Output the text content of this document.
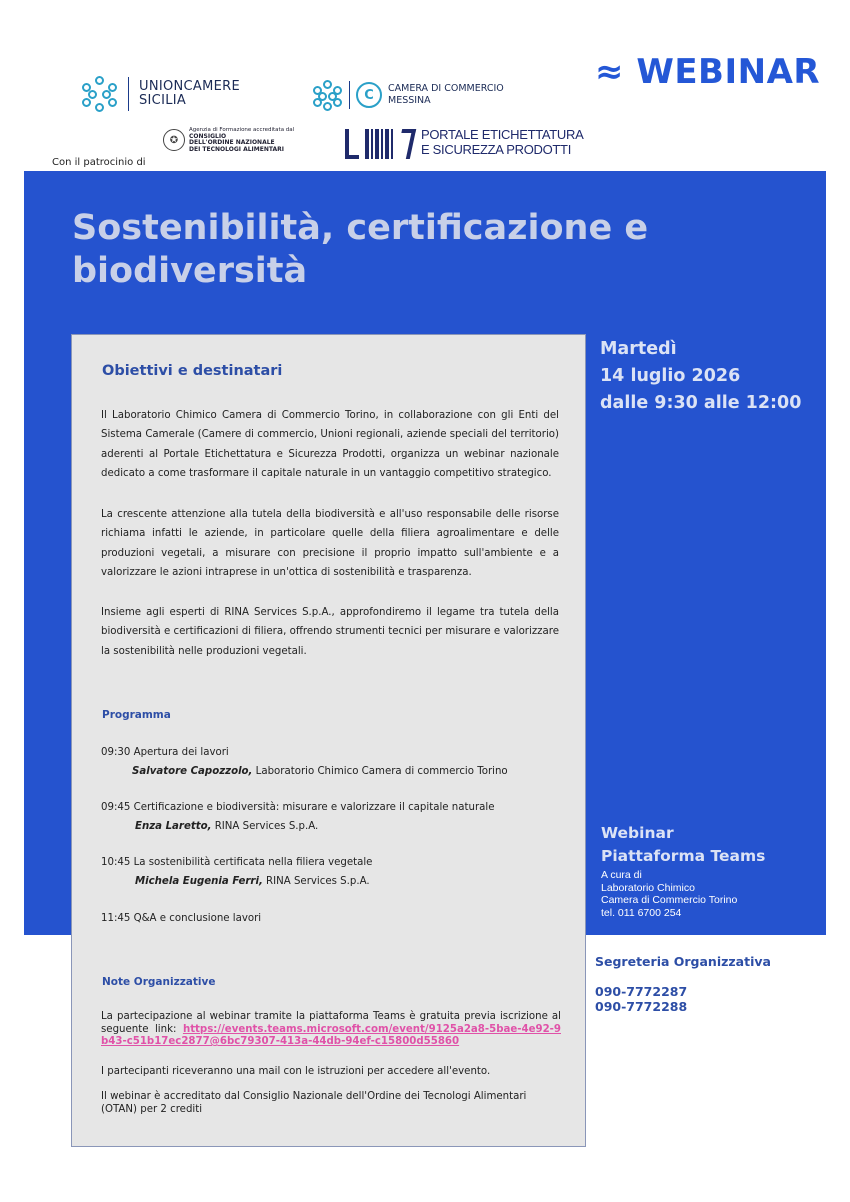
UNIONCAMERE
SICILIA	C	CAMERA DI COMMERCIO
MESSINA
≈ WEBINAR
Con il patrocinio di
✪
Agenzia di Formazione accreditata dal
CONSIGLIO
DELL'ORDINE NAZIONALE
DEI TECNOLOGI ALIMENTARI
PORTALE ETICHETTATURA
E SICUREZZA PRODOTTI
Sostenibilità, certificazione e biodiversità
Martedì
14 luglio 2026
dalle 9:30 alle 12:00
Webinar
Piattaforma Teams
A cura di
Laboratorio Chimico
Camera di Commercio Torino
tel. 011 6700 254
Obiettivi e destinatari

Il Laboratorio Chimico Camera di Commercio Torino, in collaborazione con gli Enti del Sistema Camerale (Camere di commercio, Unioni regionali, aziende speciali del territorio) aderenti al Portale Etichettatura e Sicurezza Prodotti, organizza un webinar nazionale dedicato a come trasformare il capitale naturale in un vantaggio competitivo strategico.

La crescente attenzione alla tutela della biodiversità e all'uso responsabile delle risorse richiama infatti le aziende, in particolare quelle della filiera agroalimentare e delle produzioni vegetali, a misurare con precisione il proprio impatto sull'ambiente e a valorizzare le azioni intraprese in un'ottica di sostenibilità e trasparenza.

Insieme agli esperti di RINA Services S.p.A., approfondiremo il legame tra tutela della biodiversità e certificazioni di filiera, offrendo strumenti tecnici per misurare e valorizzare la sostenibilità nelle produzioni vegetali.

Programma
09:30 Apertura dei lavori
Salvatore Capozzolo, Laboratorio Chimico Camera di commercio Torino
09:45 Certificazione e biodiversità: misurare e valorizzare il capitale naturale
Enza Laretto, RINA Services S.p.A.
10:45 La sostenibilità certificata nella filiera vegetale
Michela Eugenia Ferri, RINA Services S.p.A.
11:45 Q&A e conclusione lavori
Note Organizzative

La partecipazione al webinar tramite la piattaforma Teams è gratuita previa iscrizione al seguente link: https://events.teams.microsoft.com/event/9125a2a8-5bae-4e92-9b43-c51b17ec2877@6bc79307-413a-44db-94ef-c15800d55860

I partecipanti riceveranno una mail con le istruzioni per accedere all'evento.

Il webinar è accreditato dal Consiglio Nazionale dell'Ordine dei Tecnologi Alimentari (OTAN) per 2 crediti

Segreteria Organizzativa
090-7772287
090-7772288
